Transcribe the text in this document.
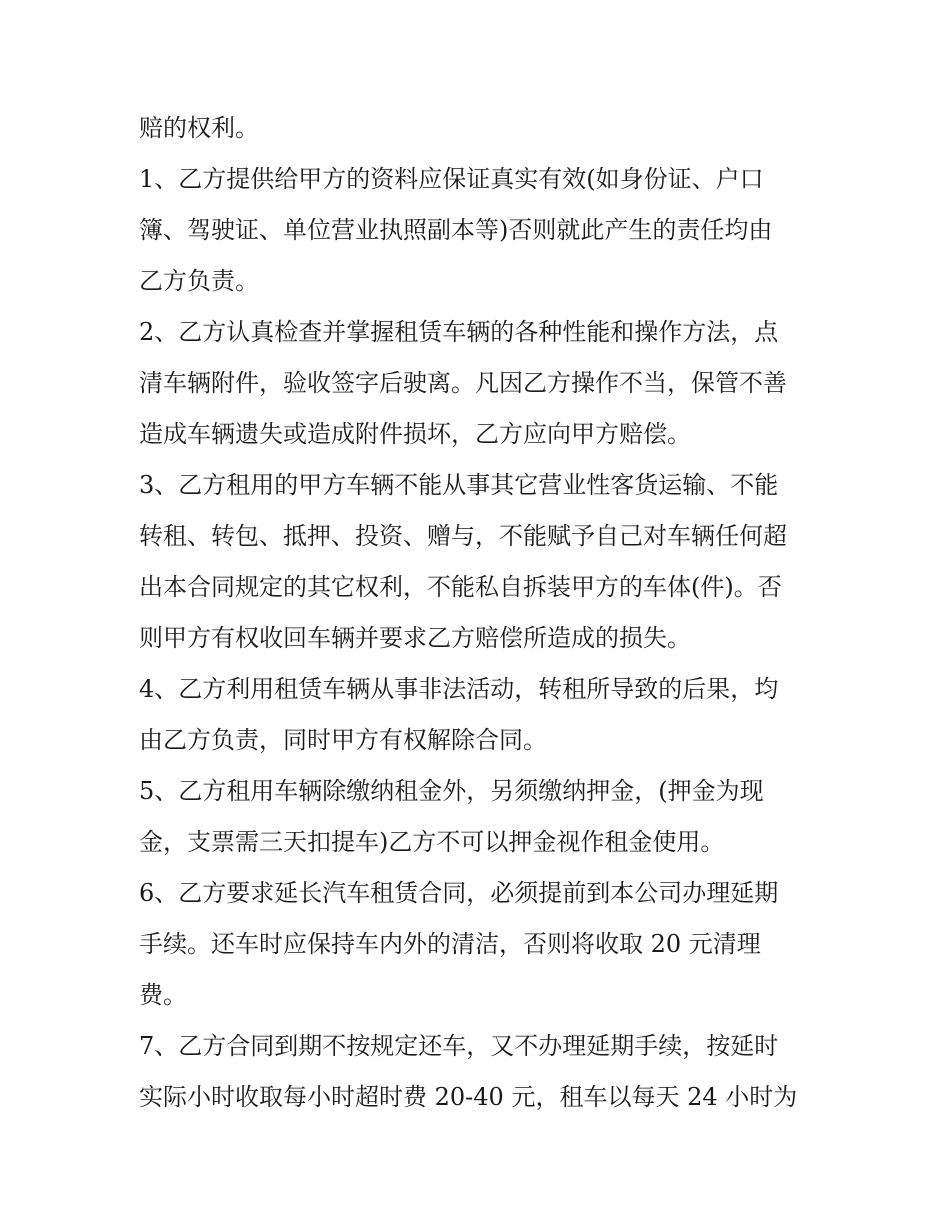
赔的权利。
1、乙方提供给甲方的资料应保证真实有效(如身份证、户口
簿、驾驶证、单位营业执照副本等)否则就此产生的责任均由
乙方负责。
2、乙方认真检查并掌握租赁车辆的各种性能和操作方法，点
清车辆附件，验收签字后驶离。凡因乙方操作不当，保管不善
造成车辆遗失或造成附件损坏，乙方应向甲方赔偿。
3、乙方租用的甲方车辆不能从事其它营业性客货运输、不能
转租、转包、抵押、投资、赠与，不能赋予自己对车辆任何超
出本合同规定的其它权利，不能私自拆装甲方的车体(件)。否
则甲方有权收回车辆并要求乙方赔偿所造成的损失。
4、乙方利用租赁车辆从事非法活动，转租所导致的后果，均
由乙方负责，同时甲方有权解除合同。
5、乙方租用车辆除缴纳租金外，另须缴纳押金，(押金为现
金，支票需三天扣提车)乙方不可以押金视作租金使用。
6、乙方要求延长汽车租赁合同，必须提前到本公司办理延期
手续。还车时应保持车内外的清洁，否则将收取 20 元清理
费。
7、乙方合同到期不按规定还车，又不办理延期手续，按延时
实际小时收取每小时超时费 20-40 元，租车以每天 24 小时为
